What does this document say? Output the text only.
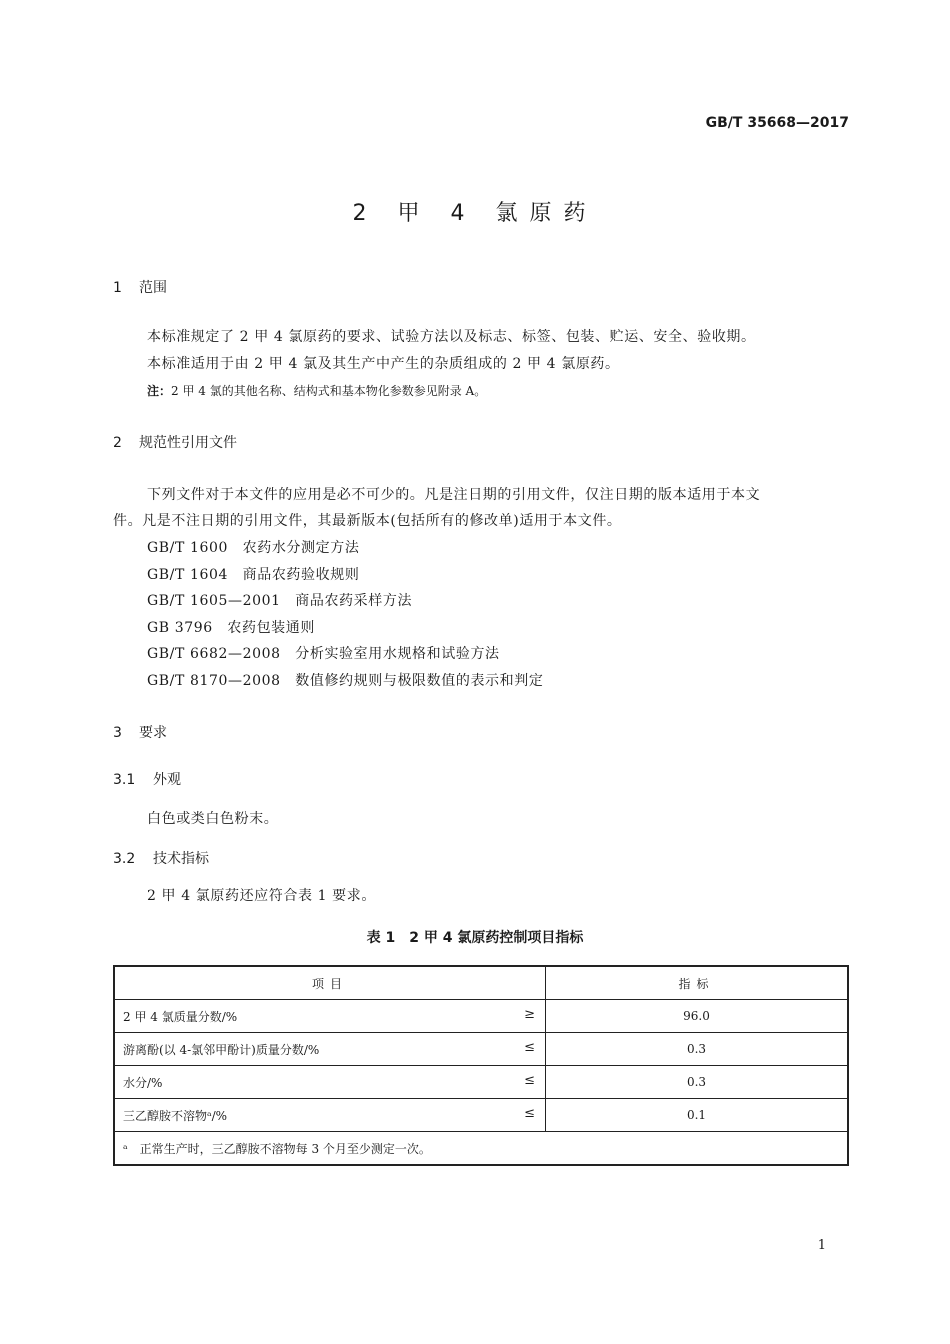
GB/T 35668—2017
2 甲 4 氯原药
1 范围
本标准规定了 2 甲 4 氯原药的要求、试验方法以及标志、标签、包装、贮运、安全、验收期。
本标准适用于由 2 甲 4 氯及其生产中产生的杂质组成的 2 甲 4 氯原药。
注：2 甲 4 氯的其他名称、结构式和基本物化参数参见附录 A。
2 规范性引用文件
下列文件对于本文件的应用是必不可少的。凡是注日期的引用文件，仅注日期的版本适用于本文
件。凡是不注日期的引用文件，其最新版本(包括所有的修改单)适用于本文件。
GB/T 1600　 农药水分测定方法
GB/T 1604　 商品农药验收规则
GB/T 1605—2001　 商品农药采样方法
GB 3796　 农药包装通则
GB/T 6682—2008　 分析实验室用水规格和试验方法
GB/T 8170—2008　 数值修约规则与极限数值的表示和判定
3 要求
3.1 外观
白色或类白色粉末。
3.2 技术指标
2 甲 4 氯原药还应符合表 1 要求。
表 1　2 甲 4 氯原药控制项目指标
项目	指标
2 甲 4 氯质量分数/% ≥	96.0
游离酚(以 4-氯邻甲酚计)质量分数/% ≤	0.3
水分/% ≤	0.3
三乙醇胺不溶物ᵃ/% ≤	0.1
ᵃ　正常生产时，三乙醇胺不溶物每 3 个月至少测定一次。	
1
